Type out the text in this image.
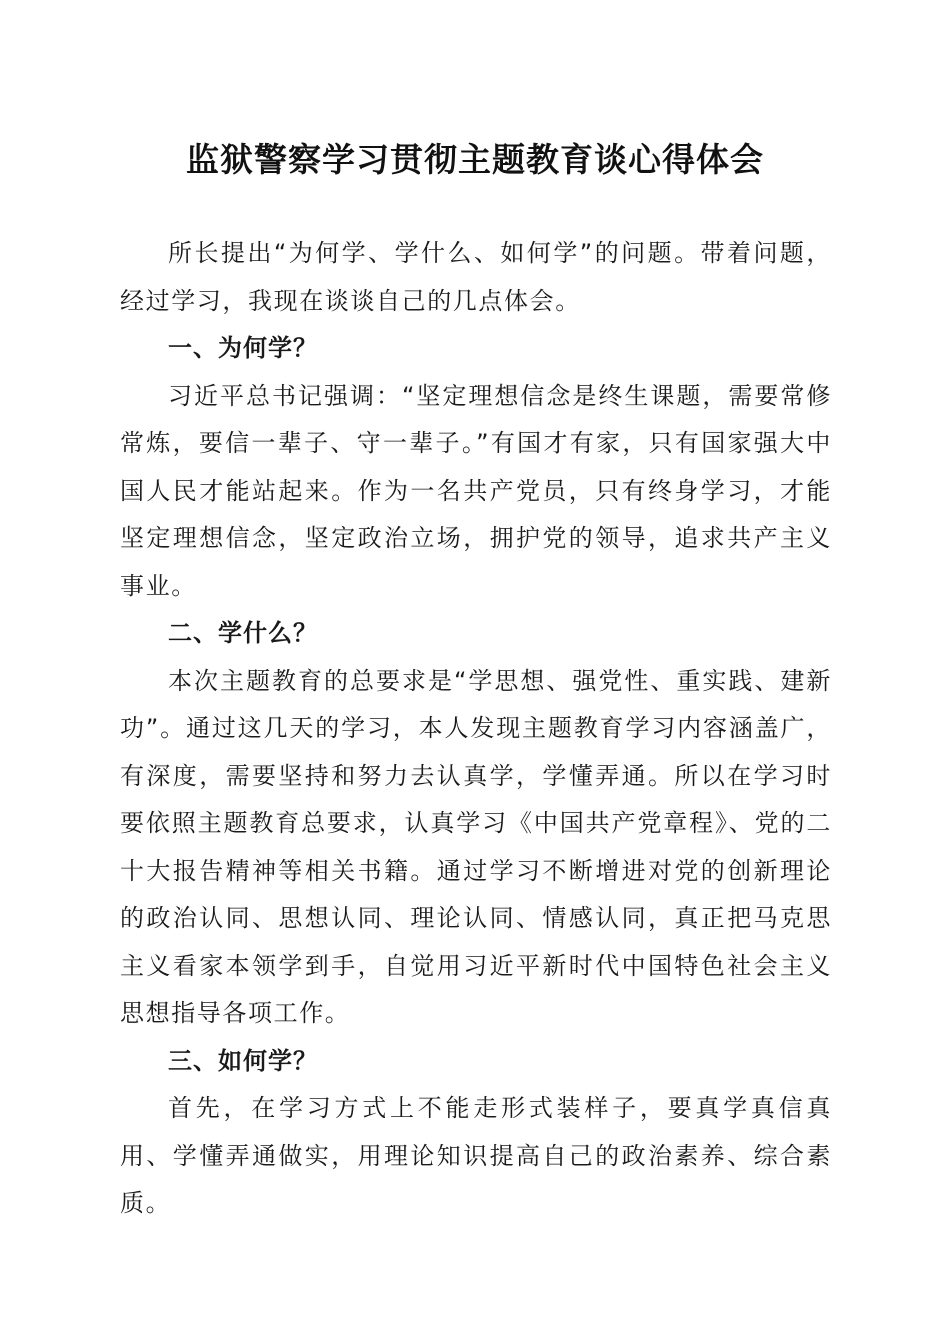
监狱警察学习贯彻主题教育谈心得体会

所长提出“为何学、学什么、如何学”的问题。带着问题，经过学习，我现在谈谈自己的几点体会。

一、为何学？

习近平总书记强调：“坚定理想信念是终生课题，需要常修常炼，要信一辈子、守一辈子。”有国才有家，只有国家强大中国人民才能站起来。作为一名共产党员，只有终身学习，才能坚定理想信念，坚定政治立场，拥护党的领导，追求共产主义事业。

二、学什么？

本次主题教育的总要求是“学思想、强党性、重实践、建新功”。通过这几天的学习，本人发现主题教育学习内容涵盖广，有深度，需要坚持和努力去认真学，学懂弄通。所以在学习时要依照主题教育总要求，认真学习《中国共产党章程》、党的二十大报告精神等相关书籍。通过学习不断增进对党的创新理论的政治认同、思想认同、理论认同、情感认同，真正把马克思主义看家本领学到手，自觉用习近平新时代中国特色社会主义思想指导各项工作。

三、如何学？

首先，在学习方式上不能走形式装样子，要真学真信真用、学懂弄通做实，用理论知识提高自己的政治素养、综合素质。
